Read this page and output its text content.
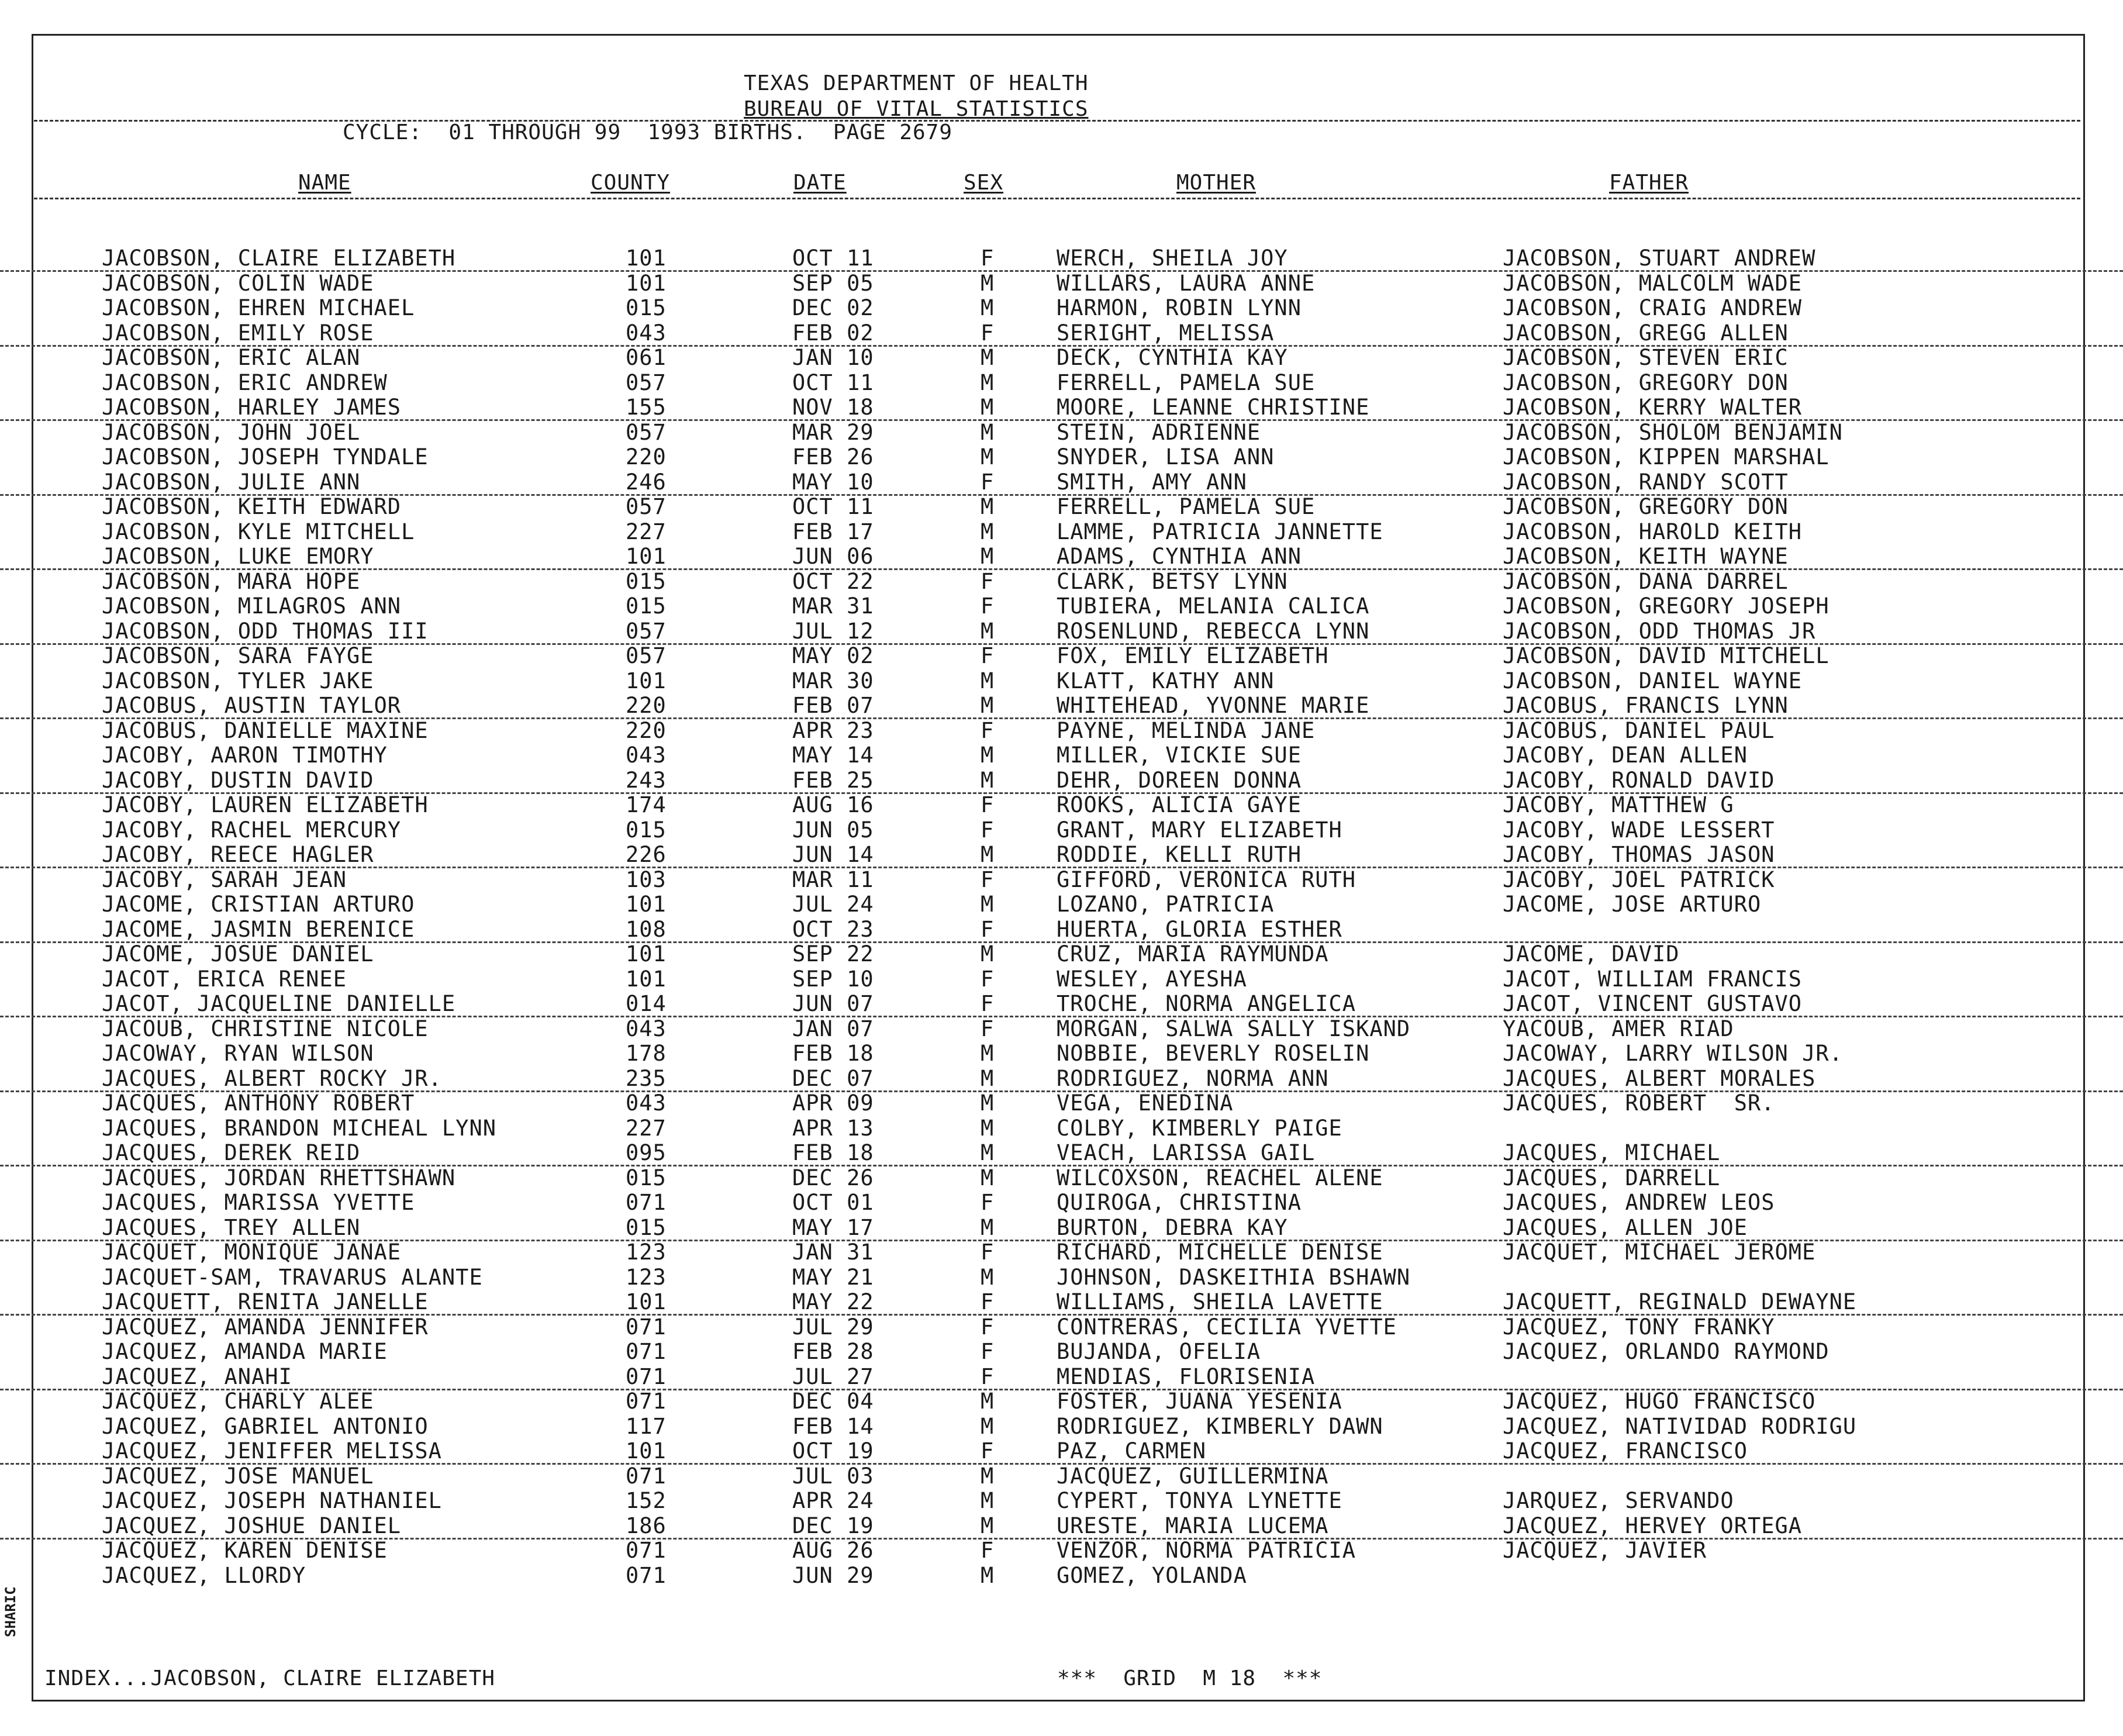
TEXAS DEPARTMENT OF HEALTH
BUREAU OF VITAL STATISTICS
CYCLE:  01 THROUGH 99  1993 BIRTHS.  PAGE 2679
NAME	COUNTY	DATE	SEX	MOTHER	FATHER
JACOBSON, CLAIRE ELIZABETH	101	OCT 11	F	WERCH, SHEILA JOY	JACOBSON, STUART ANDREW
JACOBSON, COLIN WADE	101	SEP 05	M	WILLARS, LAURA ANNE	JACOBSON, MALCOLM WADE
JACOBSON, EHREN MICHAEL	015	DEC 02	M	HARMON, ROBIN LYNN	JACOBSON, CRAIG ANDREW
JACOBSON, EMILY ROSE	043	FEB 02	F	SERIGHT, MELISSA	JACOBSON, GREGG ALLEN
JACOBSON, ERIC ALAN	061	JAN 10	M	DECK, CYNTHIA KAY	JACOBSON, STEVEN ERIC
JACOBSON, ERIC ANDREW	057	OCT 11	M	FERRELL, PAMELA SUE	JACOBSON, GREGORY DON
JACOBSON, HARLEY JAMES	155	NOV 18	M	MOORE, LEANNE CHRISTINE	JACOBSON, KERRY WALTER
JACOBSON, JOHN JOEL	057	MAR 29	M	STEIN, ADRIENNE	JACOBSON, SHOLOM BENJAMIN
JACOBSON, JOSEPH TYNDALE	220	FEB 26	M	SNYDER, LISA ANN	JACOBSON, KIPPEN MARSHAL
JACOBSON, JULIE ANN	246	MAY 10	F	SMITH, AMY ANN	JACOBSON, RANDY SCOTT
JACOBSON, KEITH EDWARD	057	OCT 11	M	FERRELL, PAMELA SUE	JACOBSON, GREGORY DON
JACOBSON, KYLE MITCHELL	227	FEB 17	M	LAMME, PATRICIA JANNETTE	JACOBSON, HAROLD KEITH
JACOBSON, LUKE EMORY	101	JUN 06	M	ADAMS, CYNTHIA ANN	JACOBSON, KEITH WAYNE
JACOBSON, MARA HOPE	015	OCT 22	F	CLARK, BETSY LYNN	JACOBSON, DANA DARREL
JACOBSON, MILAGROS ANN	015	MAR 31	F	TUBIERA, MELANIA CALICA	JACOBSON, GREGORY JOSEPH
JACOBSON, ODD THOMAS III	057	JUL 12	M	ROSENLUND, REBECCA LYNN	JACOBSON, ODD THOMAS JR
JACOBSON, SARA FAYGE	057	MAY 02	F	FOX, EMILY ELIZABETH	JACOBSON, DAVID MITCHELL
JACOBSON, TYLER JAKE	101	MAR 30	M	KLATT, KATHY ANN	JACOBSON, DANIEL WAYNE
JACOBUS, AUSTIN TAYLOR	220	FEB 07	M	WHITEHEAD, YVONNE MARIE	JACOBUS, FRANCIS LYNN
JACOBUS, DANIELLE MAXINE	220	APR 23	F	PAYNE, MELINDA JANE	JACOBUS, DANIEL PAUL
JACOBY, AARON TIMOTHY	043	MAY 14	M	MILLER, VICKIE SUE	JACOBY, DEAN ALLEN
JACOBY, DUSTIN DAVID	243	FEB 25	M	DEHR, DOREEN DONNA	JACOBY, RONALD DAVID
JACOBY, LAUREN ELIZABETH	174	AUG 16	F	ROOKS, ALICIA GAYE	JACOBY, MATTHEW G
JACOBY, RACHEL MERCURY	015	JUN 05	F	GRANT, MARY ELIZABETH	JACOBY, WADE LESSERT
JACOBY, REECE HAGLER	226	JUN 14	M	RODDIE, KELLI RUTH	JACOBY, THOMAS JASON
JACOBY, SARAH JEAN	103	MAR 11	F	GIFFORD, VERONICA RUTH	JACOBY, JOEL PATRICK
JACOME, CRISTIAN ARTURO	101	JUL 24	M	LOZANO, PATRICIA	JACOME, JOSE ARTURO
JACOME, JASMIN BERENICE	108	OCT 23	F	HUERTA, GLORIA ESTHER
JACOME, JOSUE DANIEL	101	SEP 22	M	CRUZ, MARIA RAYMUNDA	JACOME, DAVID
JACOT, ERICA RENEE	101	SEP 10	F	WESLEY, AYESHA	JACOT, WILLIAM FRANCIS
JACOT, JACQUELINE DANIELLE	014	JUN 07	F	TROCHE, NORMA ANGELICA	JACOT, VINCENT GUSTAVO
JACOUB, CHRISTINE NICOLE	043	JAN 07	F	MORGAN, SALWA SALLY ISKAND	YACOUB, AMER RIAD
JACOWAY, RYAN WILSON	178	FEB 18	M	NOBBIE, BEVERLY ROSELIN	JACOWAY, LARRY WILSON JR.
JACQUES, ALBERT ROCKY JR.	235	DEC 07	M	RODRIGUEZ, NORMA ANN	JACQUES, ALBERT MORALES
JACQUES, ANTHONY ROBERT	043	APR 09	M	VEGA, ENEDINA	JACQUES, ROBERT  SR.
JACQUES, BRANDON MICHEAL LYNN	227	APR 13	M	COLBY, KIMBERLY PAIGE
JACQUES, DEREK REID	095	FEB 18	M	VEACH, LARISSA GAIL	JACQUES, MICHAEL
JACQUES, JORDAN RHETTSHAWN	015	DEC 26	M	WILCOXSON, REACHEL ALENE	JACQUES, DARRELL
JACQUES, MARISSA YVETTE	071	OCT 01	F	QUIROGA, CHRISTINA	JACQUES, ANDREW LEOS
JACQUES, TREY ALLEN	015	MAY 17	M	BURTON, DEBRA KAY	JACQUES, ALLEN JOE
JACQUET, MONIQUE JANAE	123	JAN 31	F	RICHARD, MICHELLE DENISE	JACQUET, MICHAEL JEROME
JACQUET-SAM, TRAVARUS ALANTE	123	MAY 21	M	JOHNSON, DASKEITHIA BSHAWN
JACQUETT, RENITA JANELLE	101	MAY 22	F	WILLIAMS, SHEILA LAVETTE	JACQUETT, REGINALD DEWAYNE
JACQUEZ, AMANDA JENNIFER	071	JUL 29	F	CONTRERAS, CECILIA YVETTE	JACQUEZ, TONY FRANKY
JACQUEZ, AMANDA MARIE	071	FEB 28	F	BUJANDA, OFELIA	JACQUEZ, ORLANDO RAYMOND
JACQUEZ, ANAHI	071	JUL 27	F	MENDIAS, FLORISENIA
JACQUEZ, CHARLY ALEE	071	DEC 04	M	FOSTER, JUANA YESENIA	JACQUEZ, HUGO FRANCISCO
JACQUEZ, GABRIEL ANTONIO	117	FEB 14	M	RODRIGUEZ, KIMBERLY DAWN	JACQUEZ, NATIVIDAD RODRIGU
JACQUEZ, JENIFFER MELISSA	101	OCT 19	F	PAZ, CARMEN	JACQUEZ, FRANCISCO
JACQUEZ, JOSE MANUEL	071	JUL 03	M	JACQUEZ, GUILLERMINA
JACQUEZ, JOSEPH NATHANIEL	152	APR 24	M	CYPERT, TONYA LYNETTE	JARQUEZ, SERVANDO
JACQUEZ, JOSHUE DANIEL	186	DEC 19	M	URESTE, MARIA LUCEMA	JACQUEZ, HERVEY ORTEGA
JACQUEZ, KAREN DENISE	071	AUG 26	F	VENZOR, NORMA PATRICIA	JACQUEZ, JAVIER
JACQUEZ, LLORDY	071	JUN 29	M	GOMEZ, YOLANDA
INDEX...JACOBSON, CLAIRE ELIZABETH	***  GRID  M 18  ***
SHARIC
